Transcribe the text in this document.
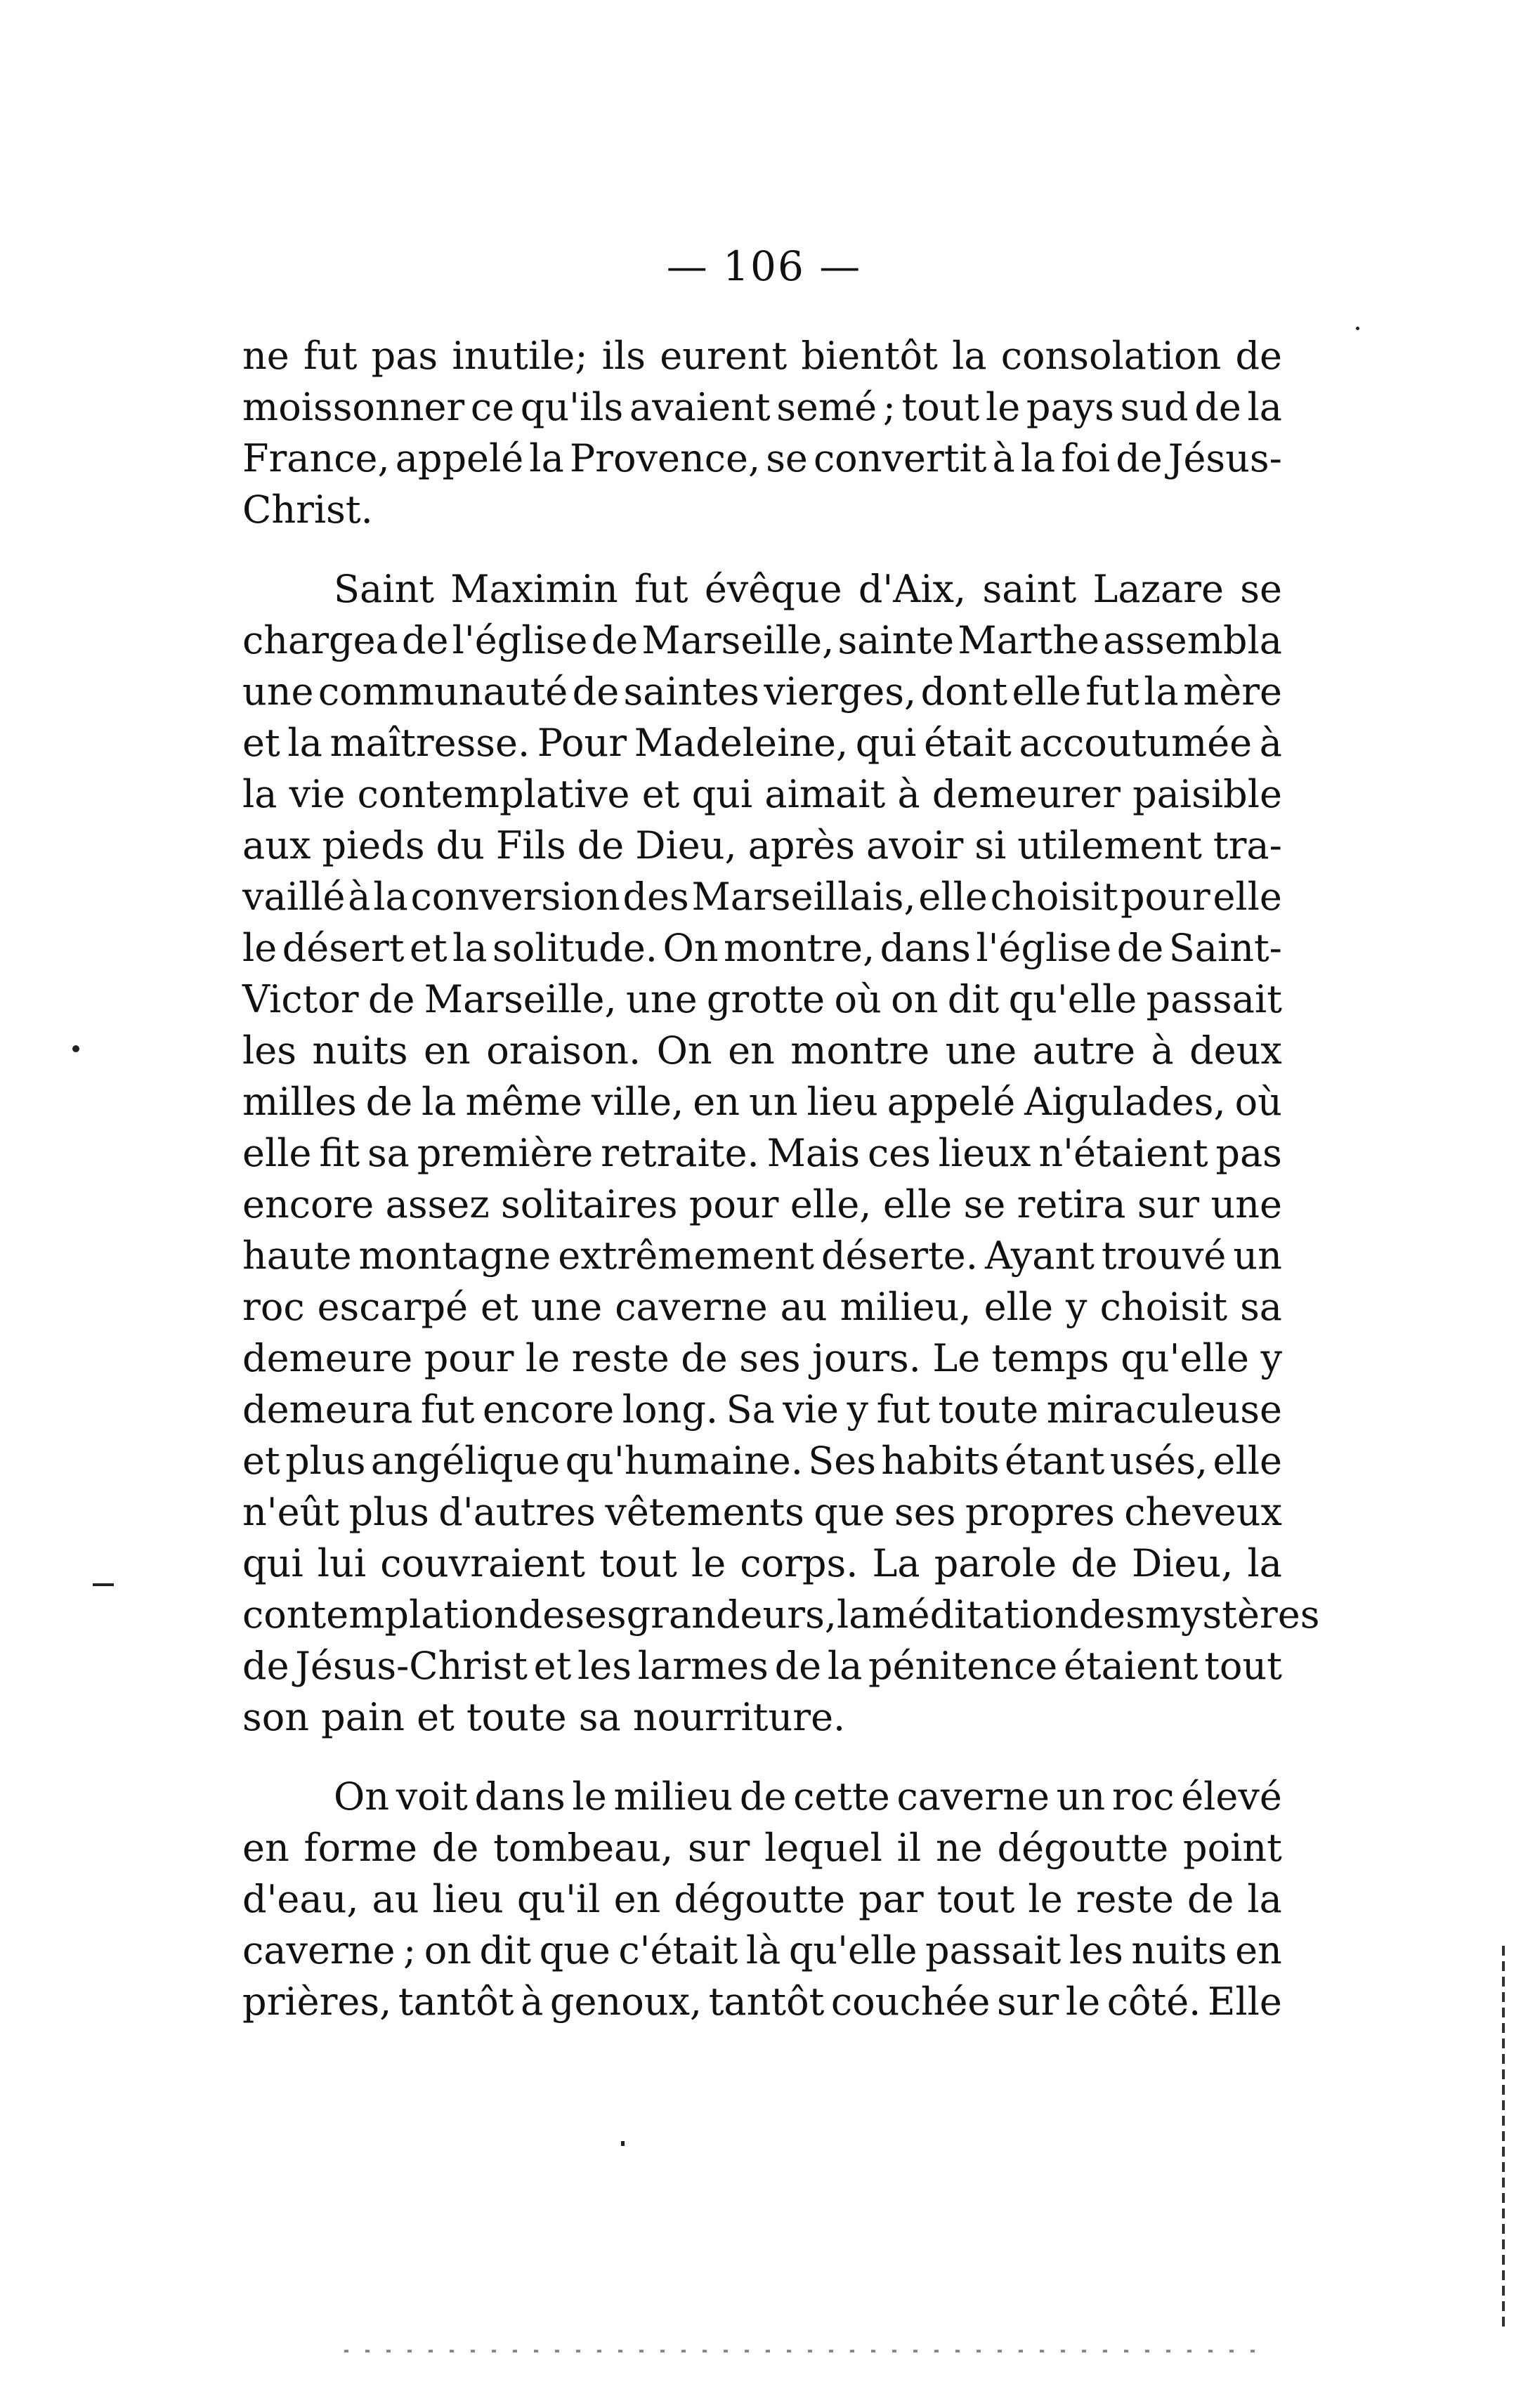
— 106 —
ne fut pas inutile; ils eurent bientôt la consolation de
moissonner ce qu'ils avaient semé ; tout le pays sud de la
France, appelé la Provence, se convertit à la foi de Jésus-
Christ.
Saint Maximin fut évêque d'Aix, saint Lazare se
chargea de l'église de Marseille, sainte Marthe assembla
une communauté de saintes vierges, dont elle fut la mère
et la maîtresse. Pour Madeleine, qui était accoutumée à
la vie contemplative et qui aimait à demeurer paisible
aux pieds du Fils de Dieu, après avoir si utilement tra-
vaillé à la conversion des Marseillais, elle choisit pour elle
le désert et la solitude. On montre, dans l'église de Saint-
Victor de Marseille, une grotte où on dit qu'elle passait
les nuits en oraison. On en montre une autre à deux
milles de la même ville, en un lieu appelé Aigulades, où
elle fit sa première retraite. Mais ces lieux n'étaient pas
encore assez solitaires pour elle, elle se retira sur une
haute montagne extrêmement déserte. Ayant trouvé un
roc escarpé et une caverne au milieu, elle y choisit sa
demeure pour le reste de ses jours. Le temps qu'elle y
demeura fut encore long. Sa vie y fut toute miraculeuse
et plus angélique qu'humaine. Ses habits étant usés, elle
n'eût plus d'autres vêtements que ses propres cheveux
qui lui couvraient tout le corps. La parole de Dieu, la
contemplation de ses grandeurs, la méditation des mystères
de Jésus-Christ et les larmes de la pénitence étaient tout
son pain et toute sa nourriture.
On voit dans le milieu de cette caverne un roc élevé
en forme de tombeau, sur lequel il ne dégoutte point
d'eau, au lieu qu'il en dégoutte par tout le reste de la
caverne ; on dit que c'était là qu'elle passait les nuits en
prières, tantôt à genoux, tantôt couchée sur le côté. Elle
